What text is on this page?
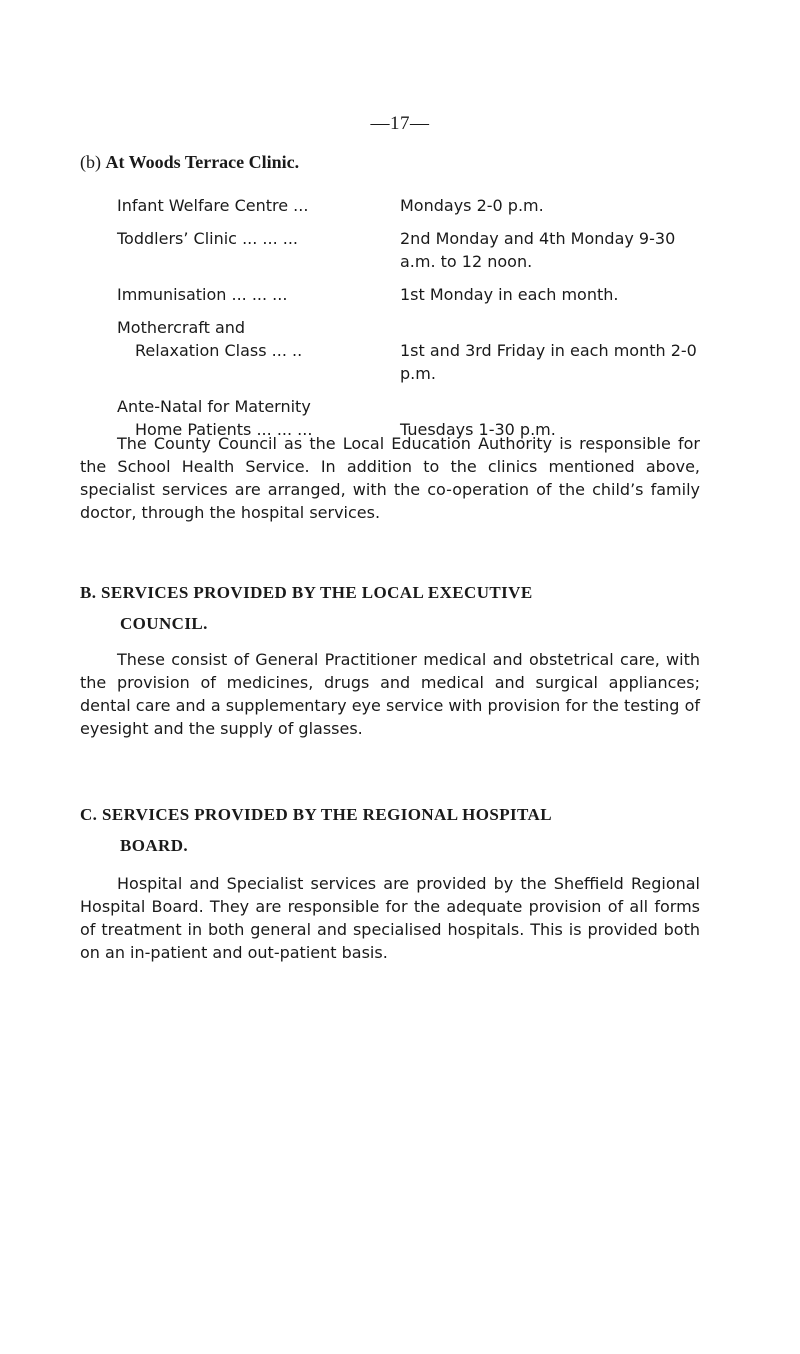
—17—
(b) At Woods Terrace Clinic.
Infant Welfare Centre ...	Mondays 2-0 p.m.
Toddlers’ Clinic ... ... ...	2nd Monday and 4th Monday 9-30 a.m. to 12 noon.
Immunisation ... ... ...	1st Monday in each month.
Mothercraft and
Relaxation Class ... ..	1st and 3rd Friday in each month 2-0 p.m.
Ante-Natal for Maternity
Home Patients ... ... ...	Tuesdays 1-30 p.m.

The County Council as the Local Education Authority is responsible for the School Health Service. In addition to the clinics mentioned above, specialist services are arranged, with the co-operation of the child’s family doctor, through the hospital services.

B. SERVICES PROVIDED BY THE LOCAL EXECUTIVE
COUNCIL.

These consist of General Practitioner medical and obstetrical care, with the provision of medicines, drugs and medical and surgical appliances; dental care and a supplementary eye service with provision for the testing of eyesight and the supply of glasses.

C. SERVICES PROVIDED BY THE REGIONAL HOSPITAL
BOARD.

Hospital and Specialist services are provided by the Sheffield Regional Hospital Board. They are responsible for the adequate provision of all forms of treatment in both general and specialised hospitals. This is provided both on an in-patient and out-patient basis.
